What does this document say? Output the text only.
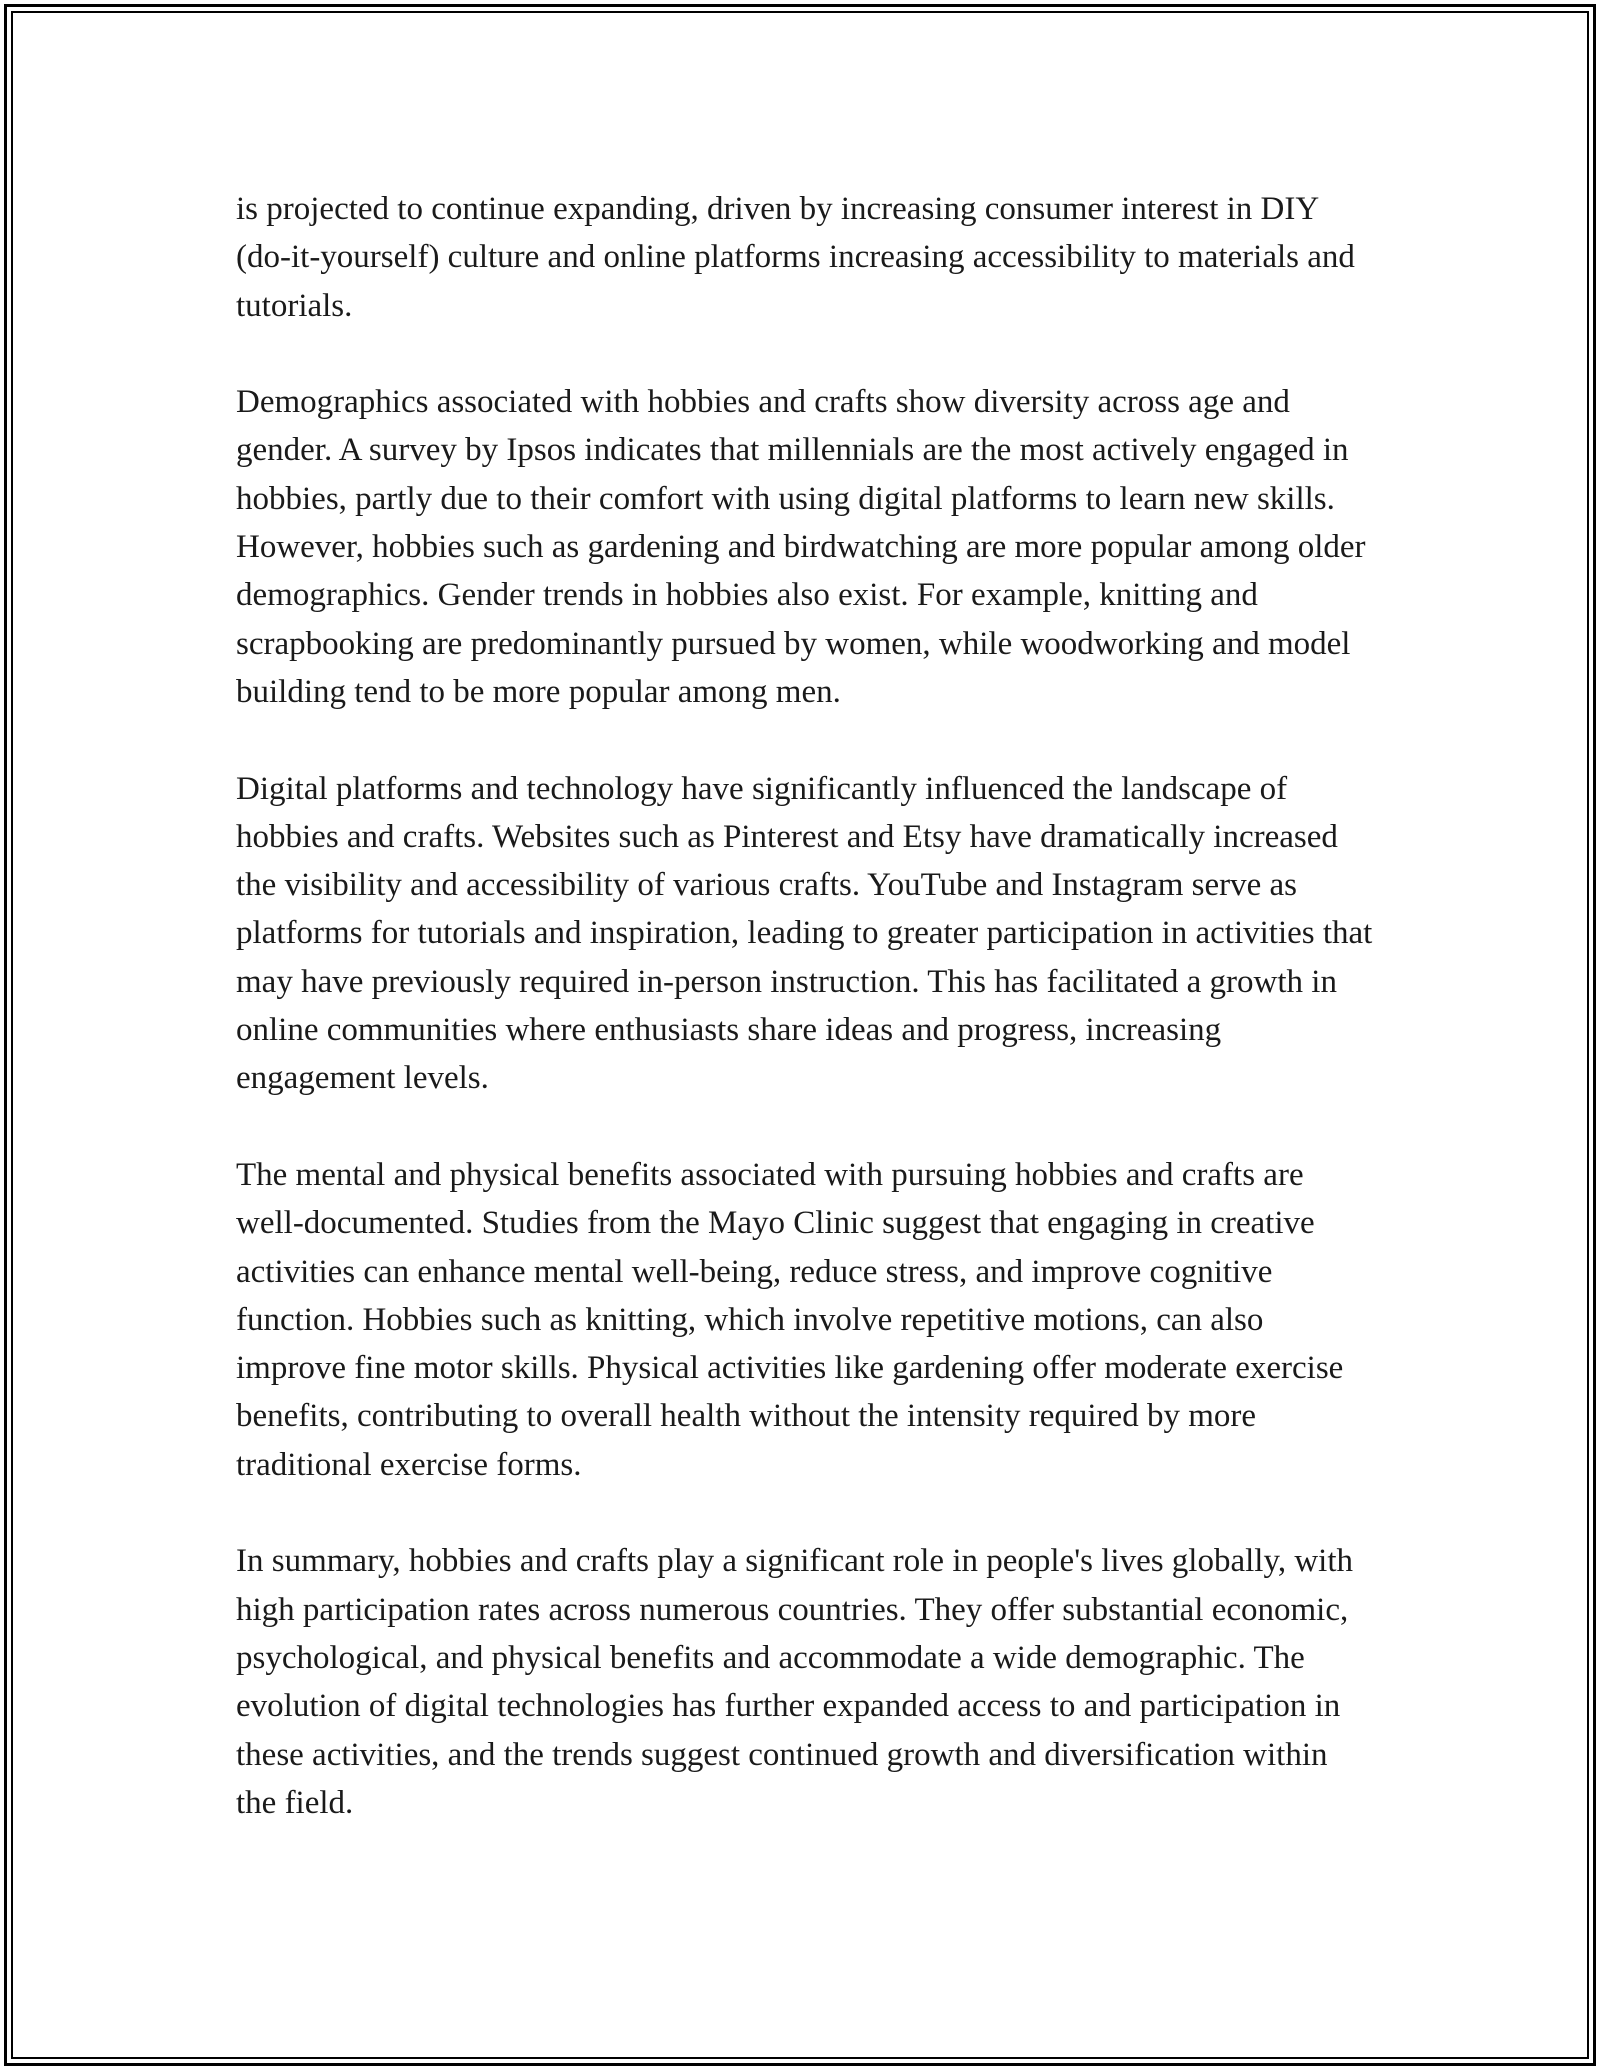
is projected to continue expanding, driven by increasing consumer interest in DIY (do-it-yourself) culture and online platforms increasing accessibility to materials and tutorials.

Demographics associated with hobbies and crafts show diversity across age and gender. A survey by Ipsos indicates that millennials are the most actively engaged in hobbies, partly due to their comfort with using digital platforms to learn new skills. However, hobbies such as gardening and birdwatching are more popular among older demographics. Gender trends in hobbies also exist. For example, knitting and scrapbooking are predominantly pursued by women, while woodworking and model building tend to be more popular among men.

Digital platforms and technology have significantly influenced the landscape of hobbies and crafts. Websites such as Pinterest and Etsy have dramatically increased the visibility and accessibility of various crafts. YouTube and Instagram serve as platforms for tutorials and inspiration, leading to greater participation in activities that may have previously required in-person instruction. This has facilitated a growth in online communities where enthusiasts share ideas and progress, increasing engagement levels.

The mental and physical benefits associated with pursuing hobbies and crafts are well-documented. Studies from the Mayo Clinic suggest that engaging in creative activities can enhance mental well-being, reduce stress, and improve cognitive function. Hobbies such as knitting, which involve repetitive motions, can also improve fine motor skills. Physical activities like gardening offer moderate exercise benefits, contributing to overall health without the intensity required by more traditional exercise forms.

In summary, hobbies and crafts play a significant role in people's lives globally, with high participation rates across numerous countries. They offer substantial economic, psychological, and physical benefits and accommodate a wide demographic. The evolution of digital technologies has further expanded access to and participation in these activities, and the trends suggest continued growth and diversification within the field.
